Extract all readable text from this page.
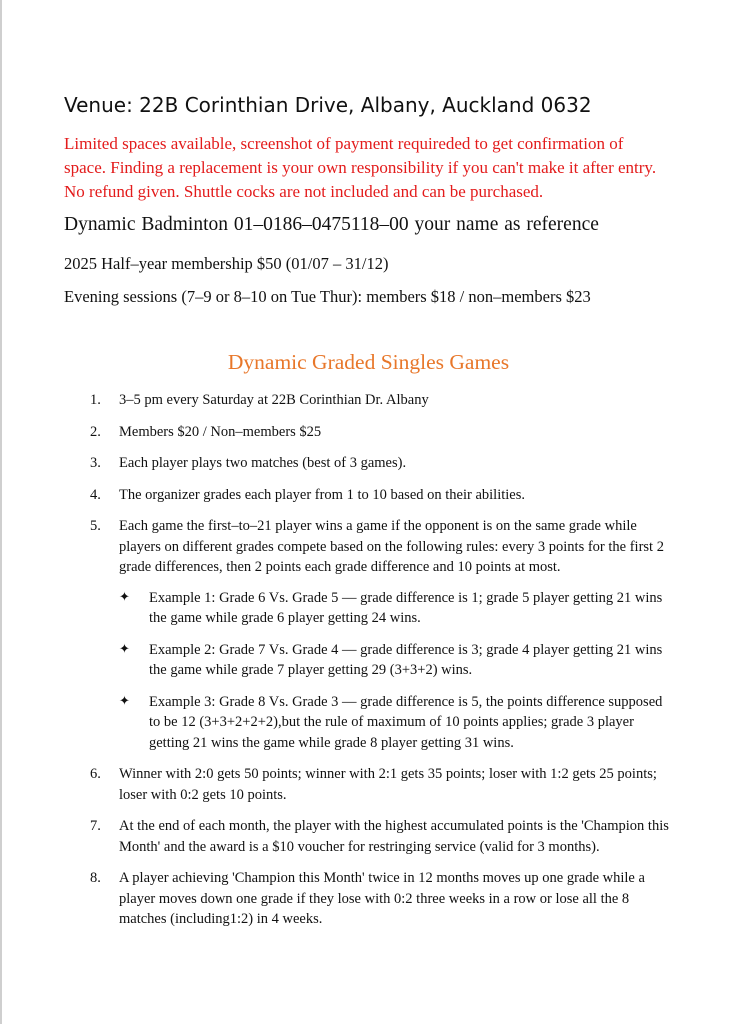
Venue: 22B Corinthian Drive, Albany, Auckland 0632
Limited spaces available, screenshot of payment requireded to get confirmation of space. Finding a replacement is your own responsibility if you can't make it after entry. No refund given. Shuttle cocks are not included and can be purchased.
Dynamic Badminton 01–0186–0475118–00 your name as reference
2025 Half–year membership $50 (01/07 – 31/12)
Evening sessions (7–9 or 8–10 on Tue Thur): members $18 / non–members $23
Dynamic Graded Singles Games
1. 3–5 pm every Saturday at 22B Corinthian Dr. Albany
2. Members $20 / Non–members $25
3. Each player plays two matches (best of 3 games).
4. The organizer grades each player from 1 to 10 based on their abilities.
5. Each game the first–to–21 player wins a game if the opponent is on the same grade while players on different grades compete based on the following rules: every 3 points for the first 2 grade differences, then 2 points each grade difference and 10 points at most.
✦ Example 1: Grade 6 Vs. Grade 5 — grade difference is 1; grade 5 player getting 21 wins the game while grade 6 player getting 24 wins.
✦ Example 2: Grade 7 Vs. Grade 4 — grade difference is 3; grade 4 player getting 21 wins the game while grade 7 player getting 29 (3+3+2) wins.
✦ Example 3: Grade 8 Vs. Grade 3 — grade difference is 5, the points difference supposed to be 12 (3+3+2+2+2),but the rule of maximum of 10 points applies; grade 3 player getting 21 wins the game while grade 8 player getting 31 wins.
6. Winner with 2:0 gets 50 points; winner with 2:1 gets 35 points; loser with 1:2 gets 25 points; loser with 0:2 gets 10 points.
7. At the end of each month, the player with the highest accumulated points is the 'Champion this Month' and the award is a $10 voucher for restringing service (valid for 3 months).
8. A player achieving 'Champion this Month' twice in 12 months moves up one grade while a player moves down one grade if they lose with 0:2 three weeks in a row or lose all the 8 matches (including1:2) in 4 weeks.
